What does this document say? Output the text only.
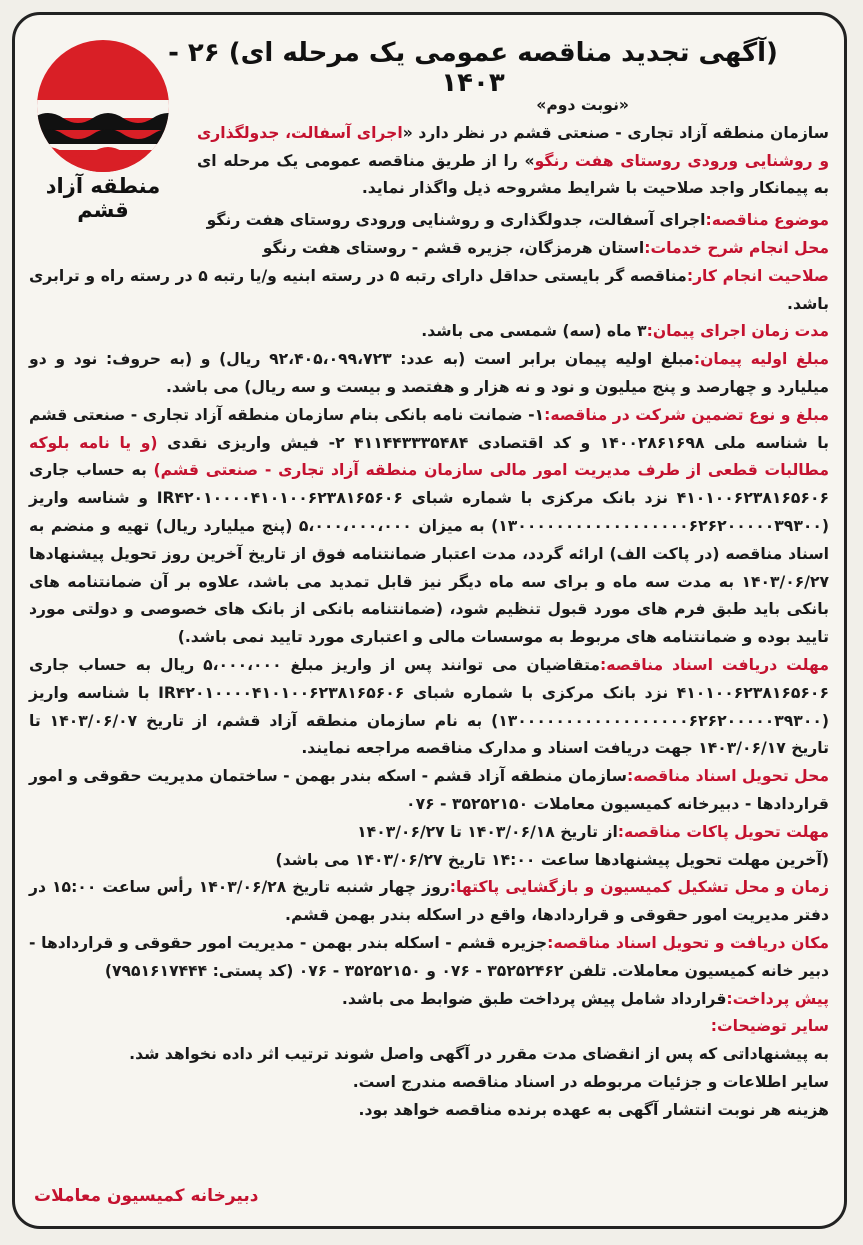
منطقه آزاد قشم
(آگهی تجدید مناقصه عمومی یک مرحله ای) ۲۶ - ۱۴۰۳

«نوبت دوم»

سازمان منطقه آزاد تجاری - صنعتی قشم در نظر دارد «اجرای آسفالت، جدولگذاری و روشنایی ورودی روستای هفت رنگو» را از طریق مناقصه عمومی یک مرحله ای به پیمانکار واجد صلاحیت با شرایط مشروحه ذیل واگذار نماید.

موضوع مناقصه:اجرای آسفالت، جدولگذاری و روشنایی ورودی روستای هفت رنگو

محل انجام شرح خدمات:استان هرمزگان، جزیره قشم - روستای هفت رنگو

صلاحیت انجام کار:مناقصه گر بایستی حداقل دارای رتبه ۵ در رسته ابنیه و/یا رتبه ۵ در رسته راه و ترابری باشد.

مدت زمان اجرای پیمان:۳ ماه (سه) شمسی می باشد.

مبلغ اولیه پیمان:مبلغ اولیه پیمان برابر است (به عدد: ۹۲،۴۰۵،۰۹۹،۷۲۳ ریال) و (به حروف: نود و دو میلیارد و چهارصد و پنج میلیون و نود و نه هزار و هفتصد و بیست و سه ریال) می باشد.

مبلغ و نوع تضمین شرکت در مناقصه:۱- ضمانت نامه بانکی بنام سازمان منطقه آزاد تجاری - صنعتی قشم با شناسه ملی ۱۴۰۰۲۸۶۱۶۹۸ و کد اقتصادی ۴۱۱۴۴۳۳۳۵۴۸۴ ۲- فیش واریزی نقدی (و یا نامه بلوکه مطالبات قطعی از طرف مدیریت امور مالی سازمان منطقه آزاد تجاری - صنعتی قشم) به حساب جاری ۴۱۰۱۰۰۶۲۳۸۱۶۵۶۰۶ نزد بانک مرکزی با شماره شبای IR۴۲۰۱۰۰۰۰۴۱۰۱۰۰۶۲۳۸۱۶۵۶۰۶ و شناسه واریز (۱۳۰۰۰۰۰۰۰۰۰۰۰۰۰۰۰۰۰۰۶۲۶۲۰۰۰۰۰۳۹۳۰۰) به میزان ۵،۰۰۰،۰۰۰،۰۰۰ (پنج میلیارد ریال) تهیه و منضم به اسناد مناقصه (در پاکت الف) ارائه گردد، مدت اعتبار ضمانتنامه فوق از تاریخ آخرین روز تحویل پیشنهادها ۱۴۰۳/۰۶/۲۷ به مدت سه ماه و برای سه ماه دیگر نیز قابل تمدید می باشد، علاوه بر آن ضمانتنامه های بانکی باید طبق فرم های مورد قبول تنظیم شود، (ضمانتنامه بانکی از بانک های خصوصی و دولتی مورد تایید بوده و ضمانتنامه های مربوط به موسسات مالی و اعتباری مورد تایید نمی باشد.)

مهلت دریافت اسناد مناقصه:متقاضیان می توانند پس از واریز مبلغ ۵،۰۰۰،۰۰۰ ریال به حساب جاری ۴۱۰۱۰۰۶۲۳۸۱۶۵۶۰۶ نزد بانک مرکزی با شماره شبای IR۴۲۰۱۰۰۰۰۴۱۰۱۰۰۶۲۳۸۱۶۵۶۰۶ با شناسه واریز (۱۳۰۰۰۰۰۰۰۰۰۰۰۰۰۰۰۰۰۰۶۲۶۲۰۰۰۰۰۳۹۳۰۰) به نام سازمان منطقه آزاد قشم، از تاریخ ۱۴۰۳/۰۶/۰۷ تا تاریخ ۱۴۰۳/۰۶/۱۷ جهت دریافت اسناد و مدارک مناقصه مراجعه نمایند.

محل تحویل اسناد مناقصه:سازمان منطقه آزاد قشم - اسکه بندر بهمن - ساختمان مدیریت حقوقی و امور قراردادها - دبیرخانه کمیسیون معاملات ۳۵۲۵۲۱۵۰ - ۰۷۶

مهلت تحویل پاکات مناقصه:از تاریخ ۱۴۰۳/۰۶/۱۸ تا ۱۴۰۳/۰۶/۲۷

(آخرین مهلت تحویل پیشنهادها ساعت ۱۴:۰۰ تاریخ ۱۴۰۳/۰۶/۲۷ می باشد)

زمان و محل تشکیل کمیسیون و بازگشایی پاکتها:روز چهار شنبه تاریخ ۱۴۰۳/۰۶/۲۸ رأس ساعت ۱۵:۰۰ در دفتر مدیریت امور حقوقی و قراردادها، واقع در اسکله بندر بهمن قشم.

مکان دریافت و تحویل اسناد مناقصه:جزیره قشم - اسکله بندر بهمن - مدیریت امور حقوقی و قراردادها - دبیر خانه کمیسیون معاملات. تلفن ۳۵۲۵۲۴۶۲ - ۰۷۶ و ۳۵۲۵۲۱۵۰ - ۰۷۶ (کد پستی: ۷۹۵۱۶۱۷۴۴۴)

پیش پرداخت:قرارداد شامل پیش پرداخت طبق ضوابط می باشد.

سایر توضیحات:

به پیشنهاداتی که پس از انقضای مدت مقرر در آگهی واصل شوند ترتیب اثر داده نخواهد شد.

سایر اطلاعات و جزئیات مربوطه در اسناد مناقصه مندرج است.

هزینه هر نوبت انتشار آگهی به عهده برنده مناقصه خواهد بود.

دبیرخانه کمیسیون معاملات
